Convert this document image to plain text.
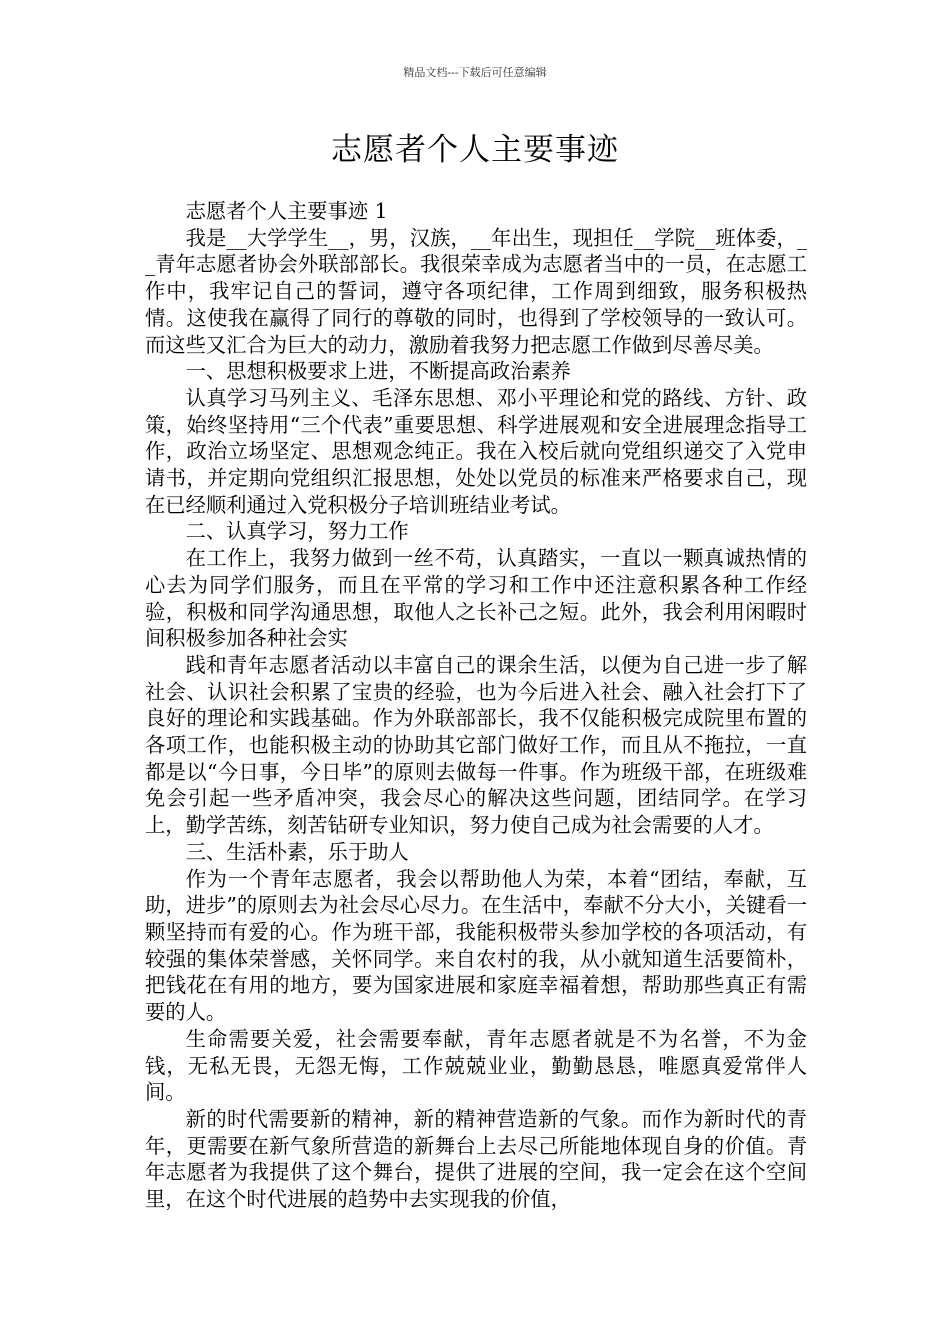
精品文档---下载后可任意编辑
志愿者个人主要事迹

志愿者个人主要事迹 1

我是__大学学生__，男，汉族，__年出生，现担任__学院__班体委，__青年志愿者协会外联部部长。我很荣幸成为志愿者当中的一员，在志愿工作中，我牢记自己的誓词，遵守各项纪律，工作周到细致，服务积极热情。这使我在赢得了同行的尊敬的同时，也得到了学校领导的一致认可。而这些又汇合为巨大的动力，激励着我努力把志愿工作做到尽善尽美。

一、思想积极要求上进，不断提高政治素养

认真学习马列主义、毛泽东思想、邓小平理论和党的路线、方针、政策，始终坚持用“三个代表”重要思想、科学进展观和安全进展理念指导工作，政治立场坚定、思想观念纯正。我在入校后就向党组织递交了入党申请书，并定期向党组织汇报思想，处处以党员的标准来严格要求自己，现在已经顺利通过入党积极分子培训班结业考试。

二、认真学习，努力工作

在工作上，我努力做到一丝不苟，认真踏实，一直以一颗真诚热情的心去为同学们服务，而且在平常的学习和工作中还注意积累各种工作经验，积极和同学沟通思想，取他人之长补己之短。此外，我会利用闲暇时间积极参加各种社会实

践和青年志愿者活动以丰富自己的课余生活，以便为自己进一步了解社会、认识社会积累了宝贵的经验，也为今后进入社会、融入社会打下了良好的理论和实践基础。作为外联部部长，我不仅能积极完成院里布置的各项工作，也能积极主动的协助其它部门做好工作，而且从不拖拉，一直都是以“今日事，今日毕”的原则去做每一件事。作为班级干部，在班级难免会引起一些矛盾冲突，我会尽心的解决这些问题，团结同学。在学习上，勤学苦练，刻苦钻研专业知识，努力使自己成为社会需要的人才。

三、生活朴素，乐于助人

作为一个青年志愿者，我会以帮助他人为荣，本着“团结，奉献，互助，进步”的原则去为社会尽心尽力。在生活中，奉献不分大小，关键看一颗坚持而有爱的心。作为班干部，我能积极带头参加学校的各项活动，有较强的集体荣誉感，关怀同学。来自农村的我，从小就知道生活要简朴，把钱花在有用的地方，要为国家进展和家庭幸福着想，帮助那些真正有需要的人。

生命需要关爱，社会需要奉献，青年志愿者就是不为名誉，不为金钱，无私无畏，无怨无悔，工作兢兢业业，勤勤恳恳，唯愿真爱常伴人间。

新的时代需要新的精神，新的精神营造新的气象。而作为新时代的青年，更需要在新气象所营造的新舞台上去尽己所能地体现自身的价值。青年志愿者为我提供了这个舞台，提供了进展的空间，我一定会在这个空间里，在这个时代进展的趋势中去实现我的价值，
